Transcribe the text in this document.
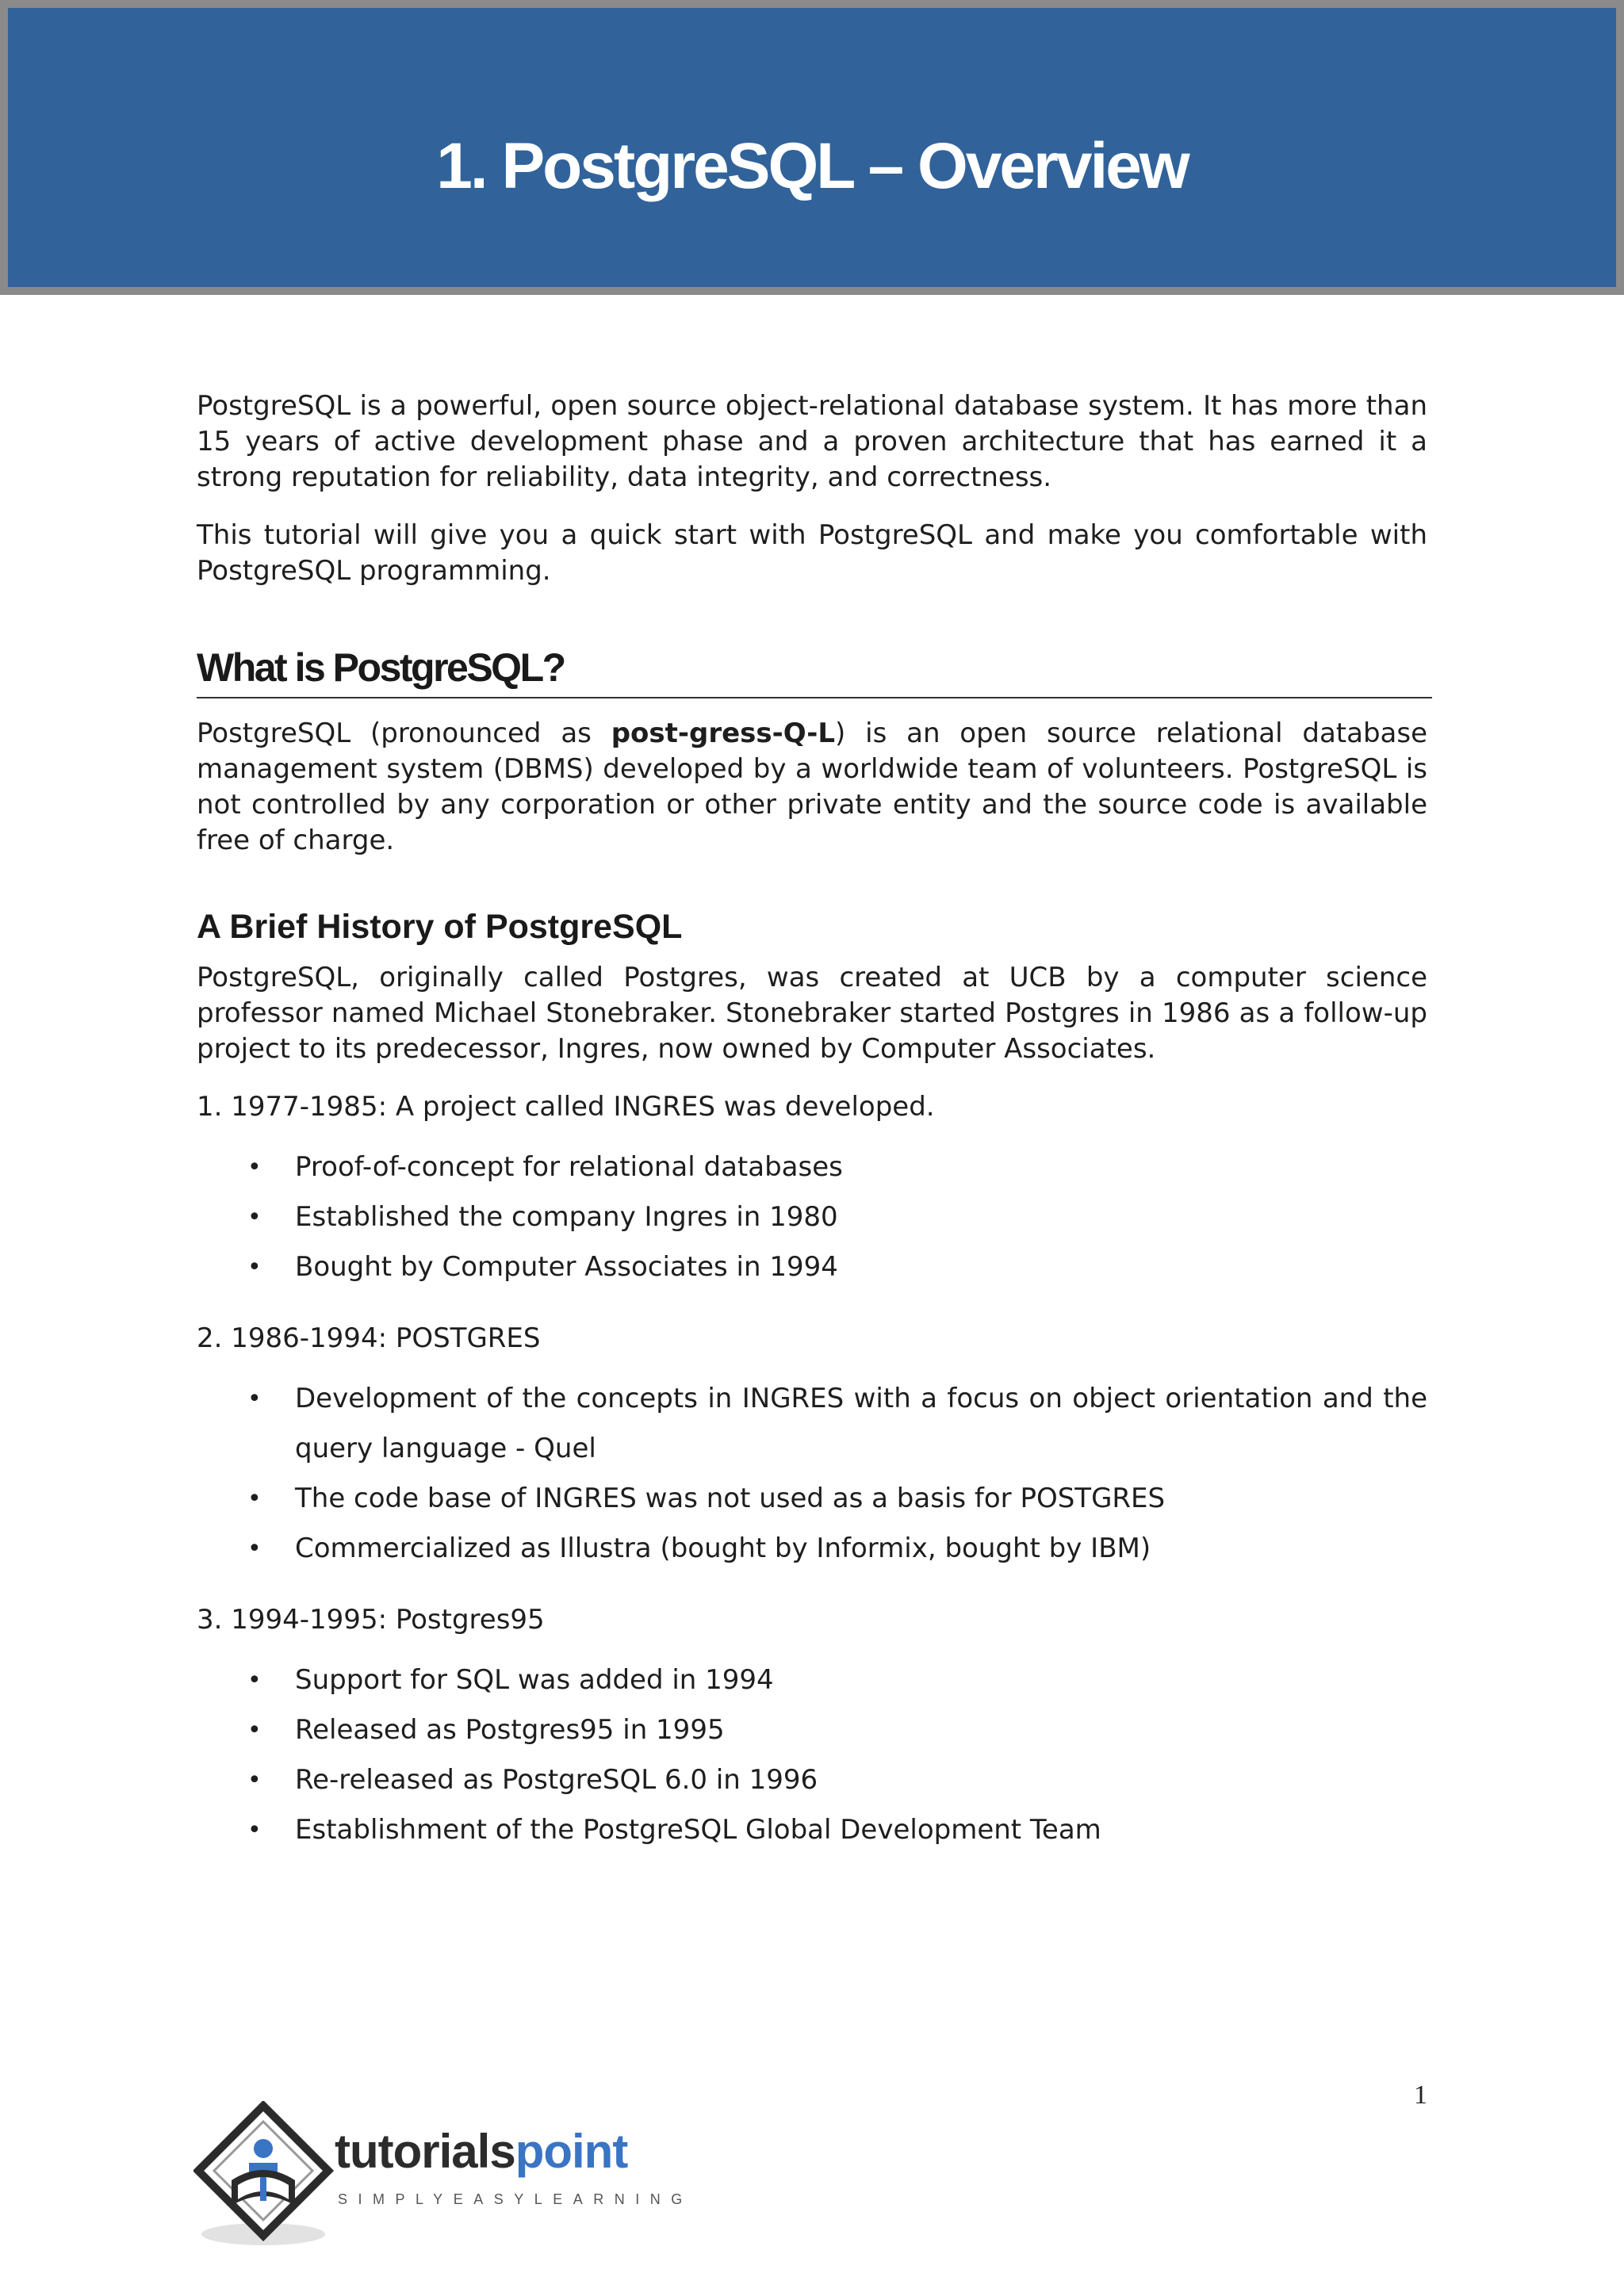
1. PostgreSQL – Overview

PostgreSQL is a powerful, open source object-relational database system. It has more than 15 years of active development phase and a proven architecture that has earned it a strong reputation for reliability, data integrity, and correctness.

This tutorial will give you a quick start with PostgreSQL and make you comfortable with PostgreSQL programming.

What is PostgreSQL?

PostgreSQL (pronounced as post-gress-Q-L) is an open source relational database management system (DBMS) developed by a worldwide team of volunteers. PostgreSQL is not controlled by any corporation or other private entity and the source code is available free of charge.

A Brief History of PostgreSQL

PostgreSQL, originally called Postgres, was created at UCB by a computer science professor named Michael Stonebraker. Stonebraker started Postgres in 1986 as a follow-up project to its predecessor, Ingres, now owned by Computer Associates.

1. 1977-1985: A project called INGRES was developed.
• Proof-of-concept for relational databases
• Established the company Ingres in 1980
• Bought by Computer Associates in 1994
2. 1986-1994: POSTGRES
• Development of the concepts in INGRES with a focus on object orientation and the query language - Quel
• The code base of INGRES was not used as a basis for POSTGRES
• Commercialized as Illustra (bought by Informix, bought by IBM)
3. 1994-1995: Postgres95
• Support for SQL was added in 1994
• Released as Postgres95 in 1995
• Re-released as PostgreSQL 6.0 in 1996
• Establishment of the PostgreSQL Global Development Team
1
tutorialspoint
SIMPLYEASYLEARNING
